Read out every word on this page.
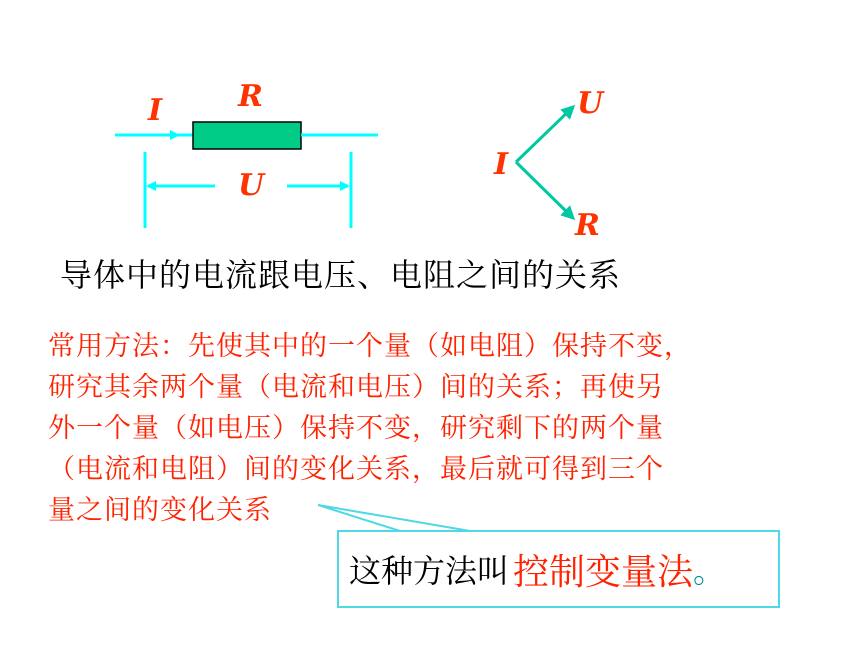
I	R
U
I
U
R
导体中的电流跟电压、电阻之间的关系
常用方法：先使其中的一个量（如电阻）保持不变，
研究其余两个量（电流和电压）间的关系；再使另
外一个量（如电压）保持不变，研究剩下的两个量
（电流和电阻）间的变化关系，最后就可得到三个
量之间的变化关系
这种方法叫 控制变量法 。
